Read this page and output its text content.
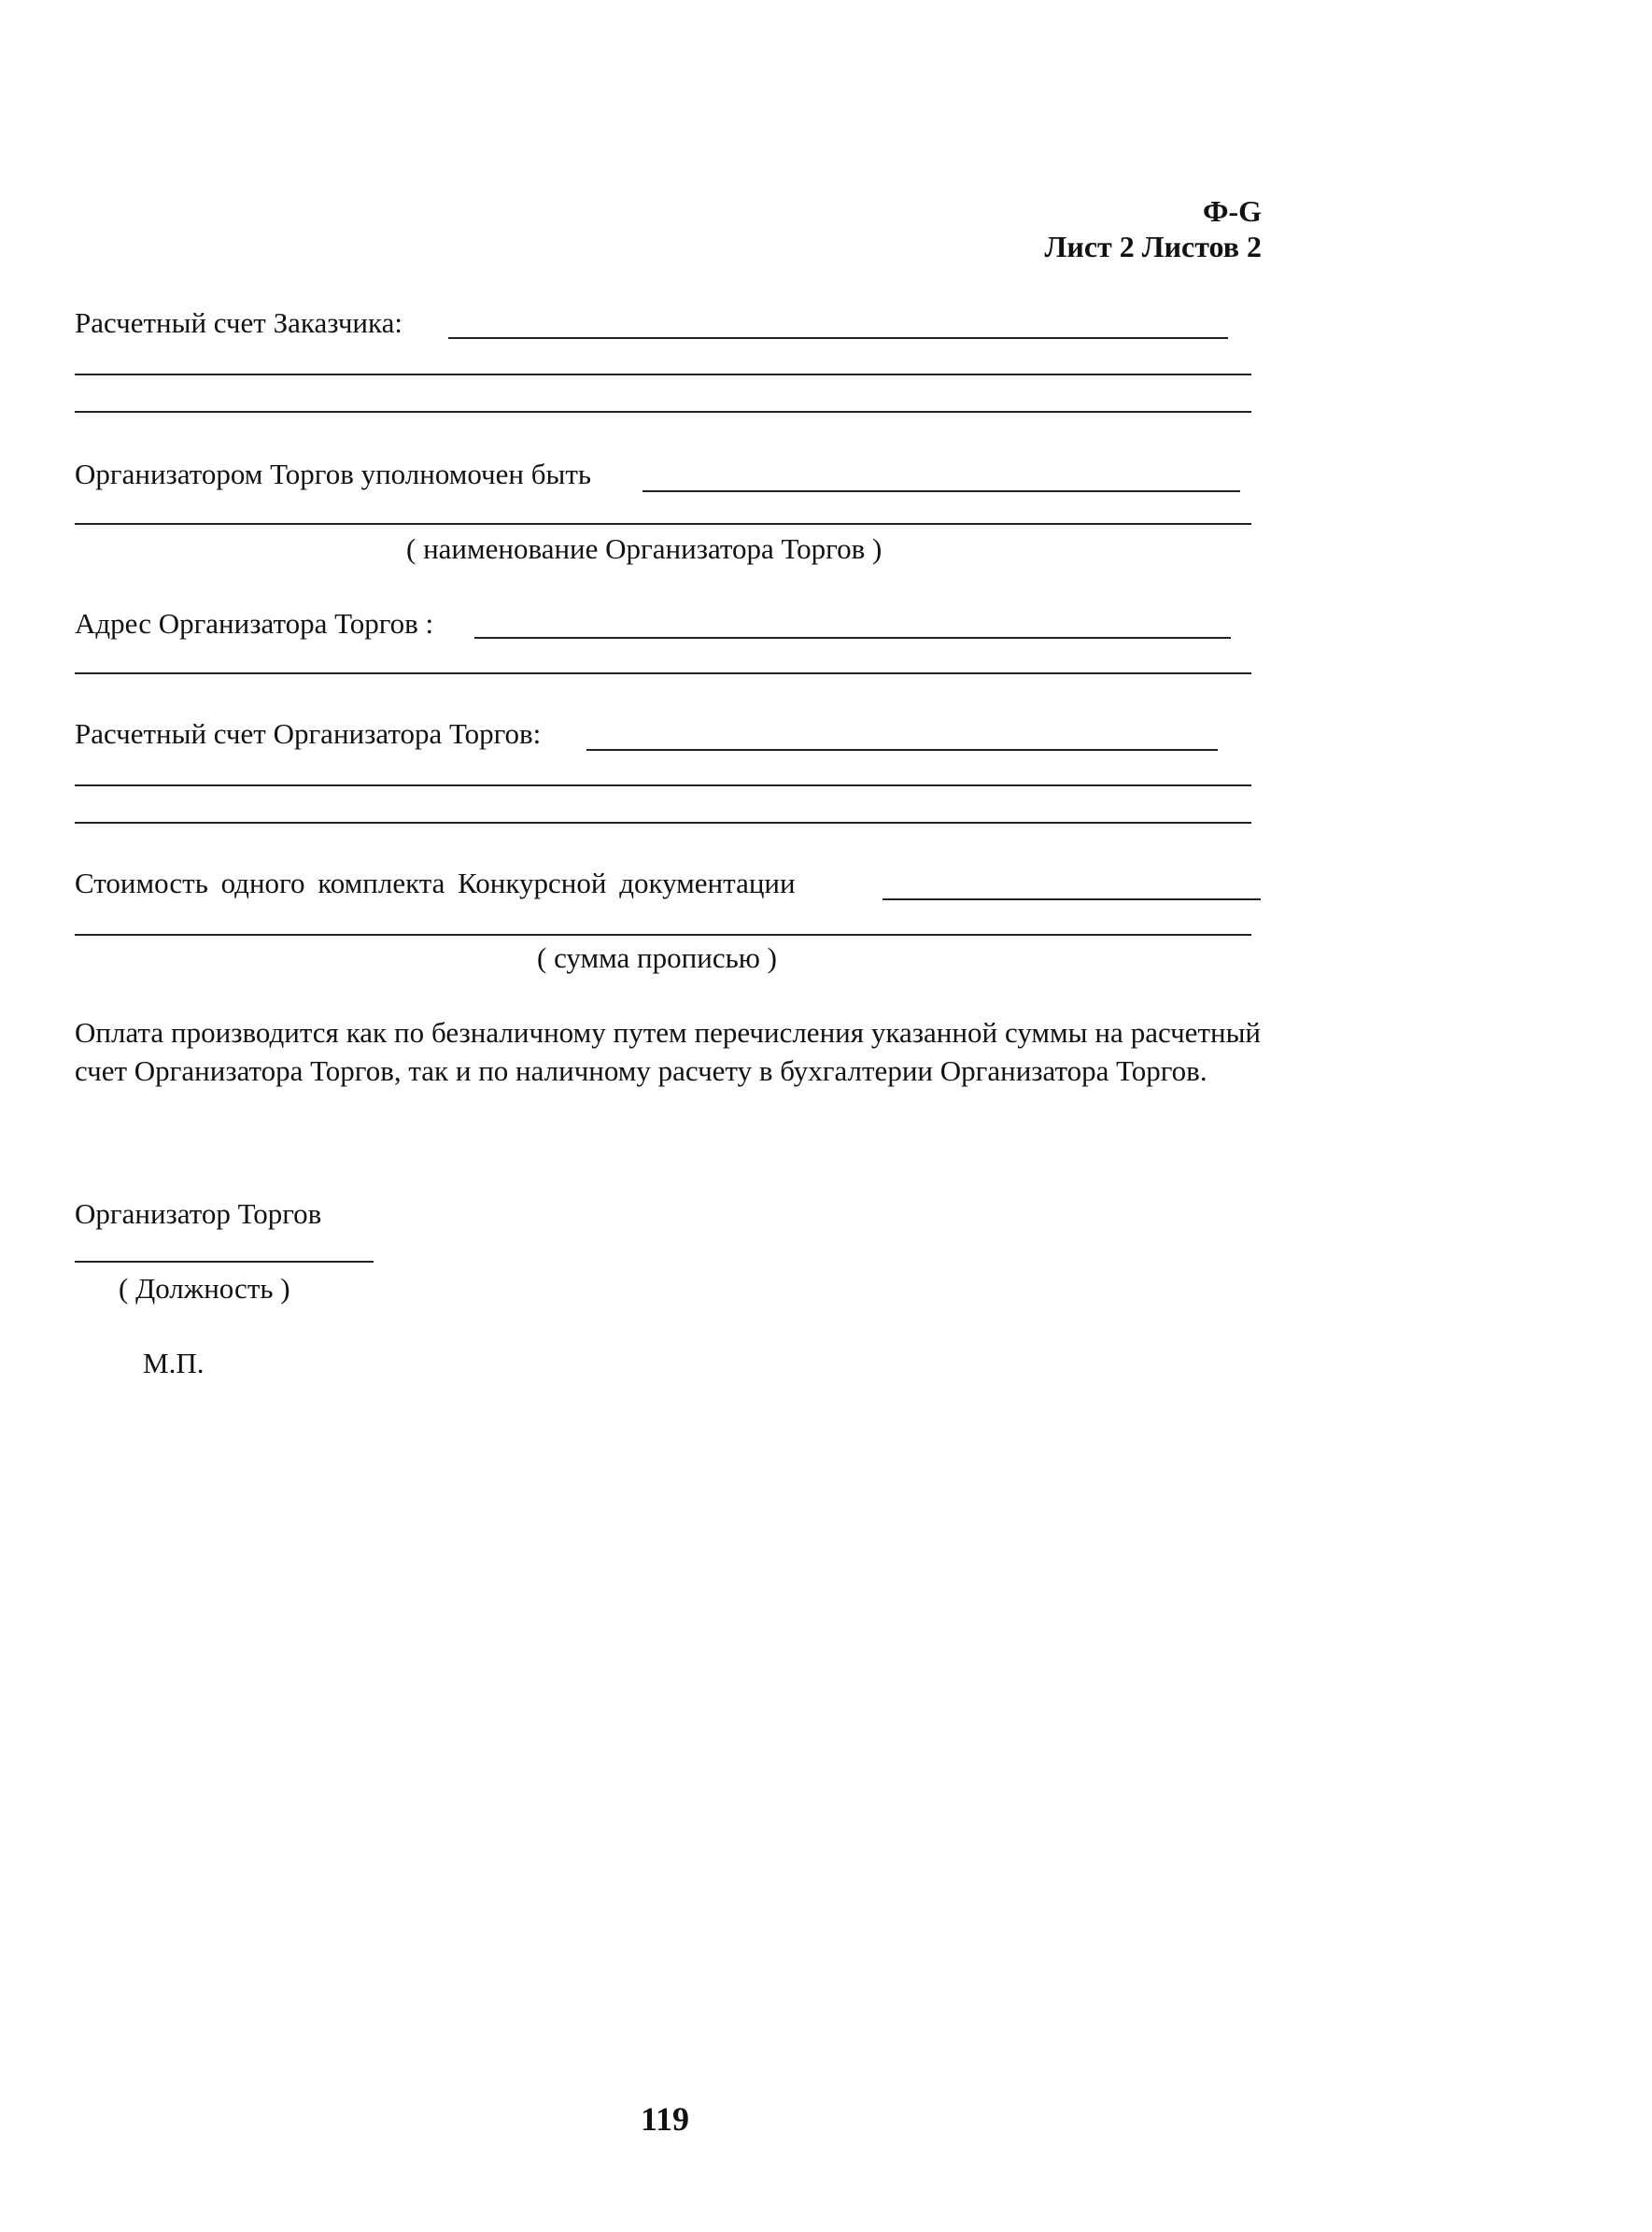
Ф-G
Лист 2 Листов 2
Расчетный счет Заказчика:
Организатором Торгов уполномочен быть
( наименование Организатора Торгов )
Адрес Организатора Торгов :
Расчетный счет Организатора Торгов:
Стоимость одного комплекта Конкурсной документации
( сумма прописью )
Оплата производится как по безналичному путем перечисления указанной суммы на расчетный счет Организатора Торгов, так и по наличному расчету в бухгалтерии Организатора Торгов.
Организатор Торгов
( Должность )
М.П.
119
